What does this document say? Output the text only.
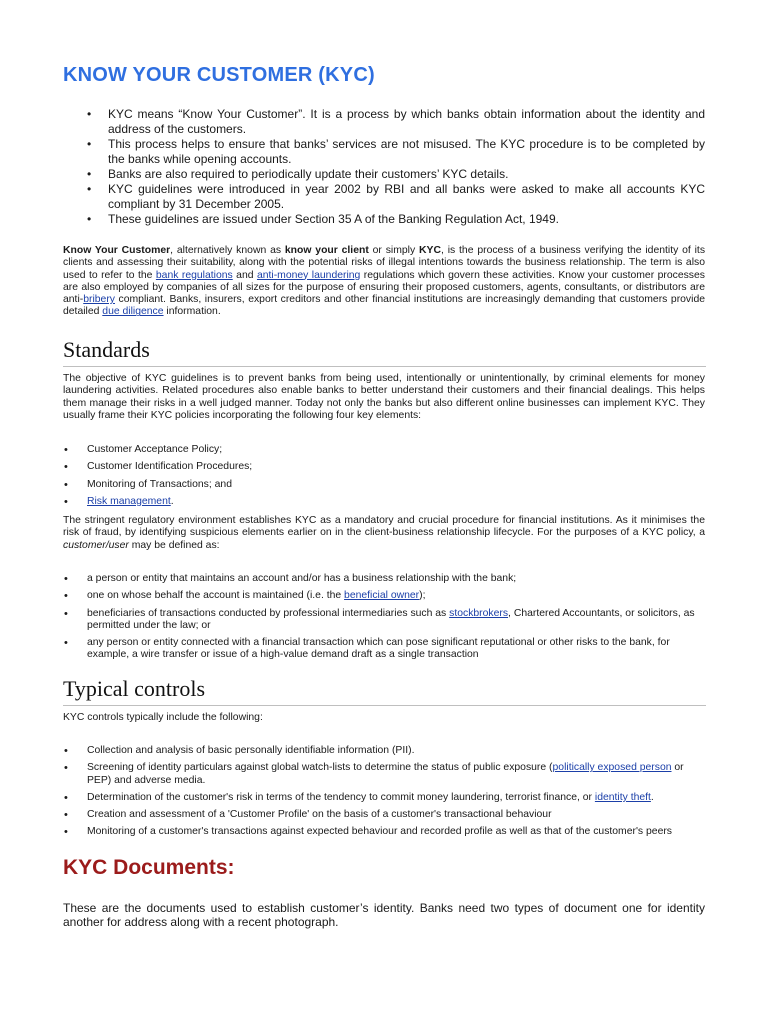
KNOW YOUR CUSTOMER (KYC)
• KYC means “Know Your Customer”. It is a process by which banks obtain information about the identity and address of the customers.
• This process helps to ensure that banks’ services are not misused. The KYC procedure is to be completed by the banks while opening accounts.
• Banks are also required to periodically update their customers’ KYC details.
• KYC guidelines were introduced in year 2002 by RBI and all banks were asked to make all accounts KYC compliant by 31 December 2005.
• These guidelines are issued under Section 35 A of the Banking Regulation Act, 1949.

Know Your Customer, alternatively known as know your client or simply KYC, is the process of a business verifying the identity of its clients and assessing their suitability, along with the potential risks of illegal intentions towards the business relationship. The term is also used to refer to the bank regulations and anti-money laundering regulations which govern these activities. Know your customer processes are also employed by companies of all sizes for the purpose of ensuring their proposed customers, agents, consultants, or distributors are anti-bribery compliant. Banks, insurers, export creditors and other financial institutions are increasingly demanding that customers provide detailed due diligence information.

Standards

The objective of KYC guidelines is to prevent banks from being used, intentionally or unintentionally, by criminal elements for money laundering activities. Related procedures also enable banks to better understand their customers and their financial dealings. This helps them manage their risks in a well judged manner. Today not only the banks but also different online businesses can implement KYC. They usually frame their KYC policies incorporating the following four key elements:

• Customer Acceptance Policy;
• Customer Identification Procedures;
• Monitoring of Transactions; and
• Risk management.

The stringent regulatory environment establishes KYC as a mandatory and crucial procedure for financial institutions. As it minimises the risk of fraud, by identifying suspicious elements earlier on in the client-business relationship lifecycle. For the purposes of a KYC policy, a customer/user may be defined as:

• a person or entity that maintains an account and/or has a business relationship with the bank;
• one on whose behalf the account is maintained (i.e. the beneficial owner);
• beneficiaries of transactions conducted by professional intermediaries such as stockbrokers, Chartered Accountants, or solicitors, as permitted under the law; or
• any person or entity connected with a financial transaction which can pose significant reputational or other risks to the bank, for example, a wire transfer or issue of a high-value demand draft as a single transaction
Typical controls

KYC controls typically include the following:

• Collection and analysis of basic personally identifiable information (PII).
• Screening of identity particulars against global watch-lists to determine the status of public exposure (politically exposed person or PEP) and adverse media.
• Determination of the customer's risk in terms of the tendency to commit money laundering, terrorist finance, or identity theft.
• Creation and assessment of a 'Customer Profile' on the basis of a customer's transactional behaviour
• Monitoring of a customer's transactions against expected behaviour and recorded profile as well as that of the customer's peers
KYC Documents:

These are the documents used to establish customer’s identity. Banks need two types of document one for identity another for address along with a recent photograph.
